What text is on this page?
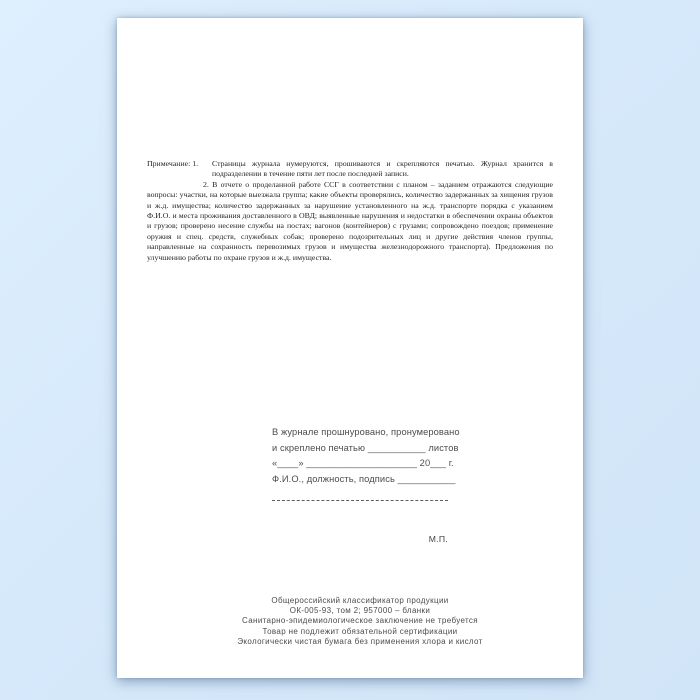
Примечание: 1.	Страницы журнала нумеруются, прошиваются и скрепляются печатью. Журнал хранится в подразделении в течение пяти лет после последней записи.
2. В отчете о проделанной работе ССГ в соответствии с планом – заданием отражаются следующие вопросы: участки, на которые выезжала группа; какие объекты проверялись, количество задержанных за хищения грузов и ж.д. имущества; количество задержанных за нарушение установленного на ж.д. транспорте порядка с указанием Ф.И.О. и места проживания доставленного в ОВД; выявленные нарушения и недостатки в обеспечении охраны объектов и грузов; проверено несение службы на постах; вагонов (контейнеров) с грузами; сопровождено поездов; применение оружия и спец. средств, служебных собак; проверено подозрительных лиц и другие действия членов группы, направленные на сохранность перевозимых грузов и имущества железнодорожного транспорта). Предложения по улучшению работы по охране грузов и ж.д. имущества.
В журнале прошнуровано, пронумеровано
и скреплено печатью ___________ листов
«____» _____________________ 20___ г.
Ф.И.О., должность, подпись ___________
М.П.
Общероссийский классификатор продукции
ОК-005-93, том 2; 957000 – бланки
Санитарно-эпидемиологическое заключение не требуется
Товар не подлежит обязательной сертификации
Экологически чистая бумага без применения хлора и кислот
